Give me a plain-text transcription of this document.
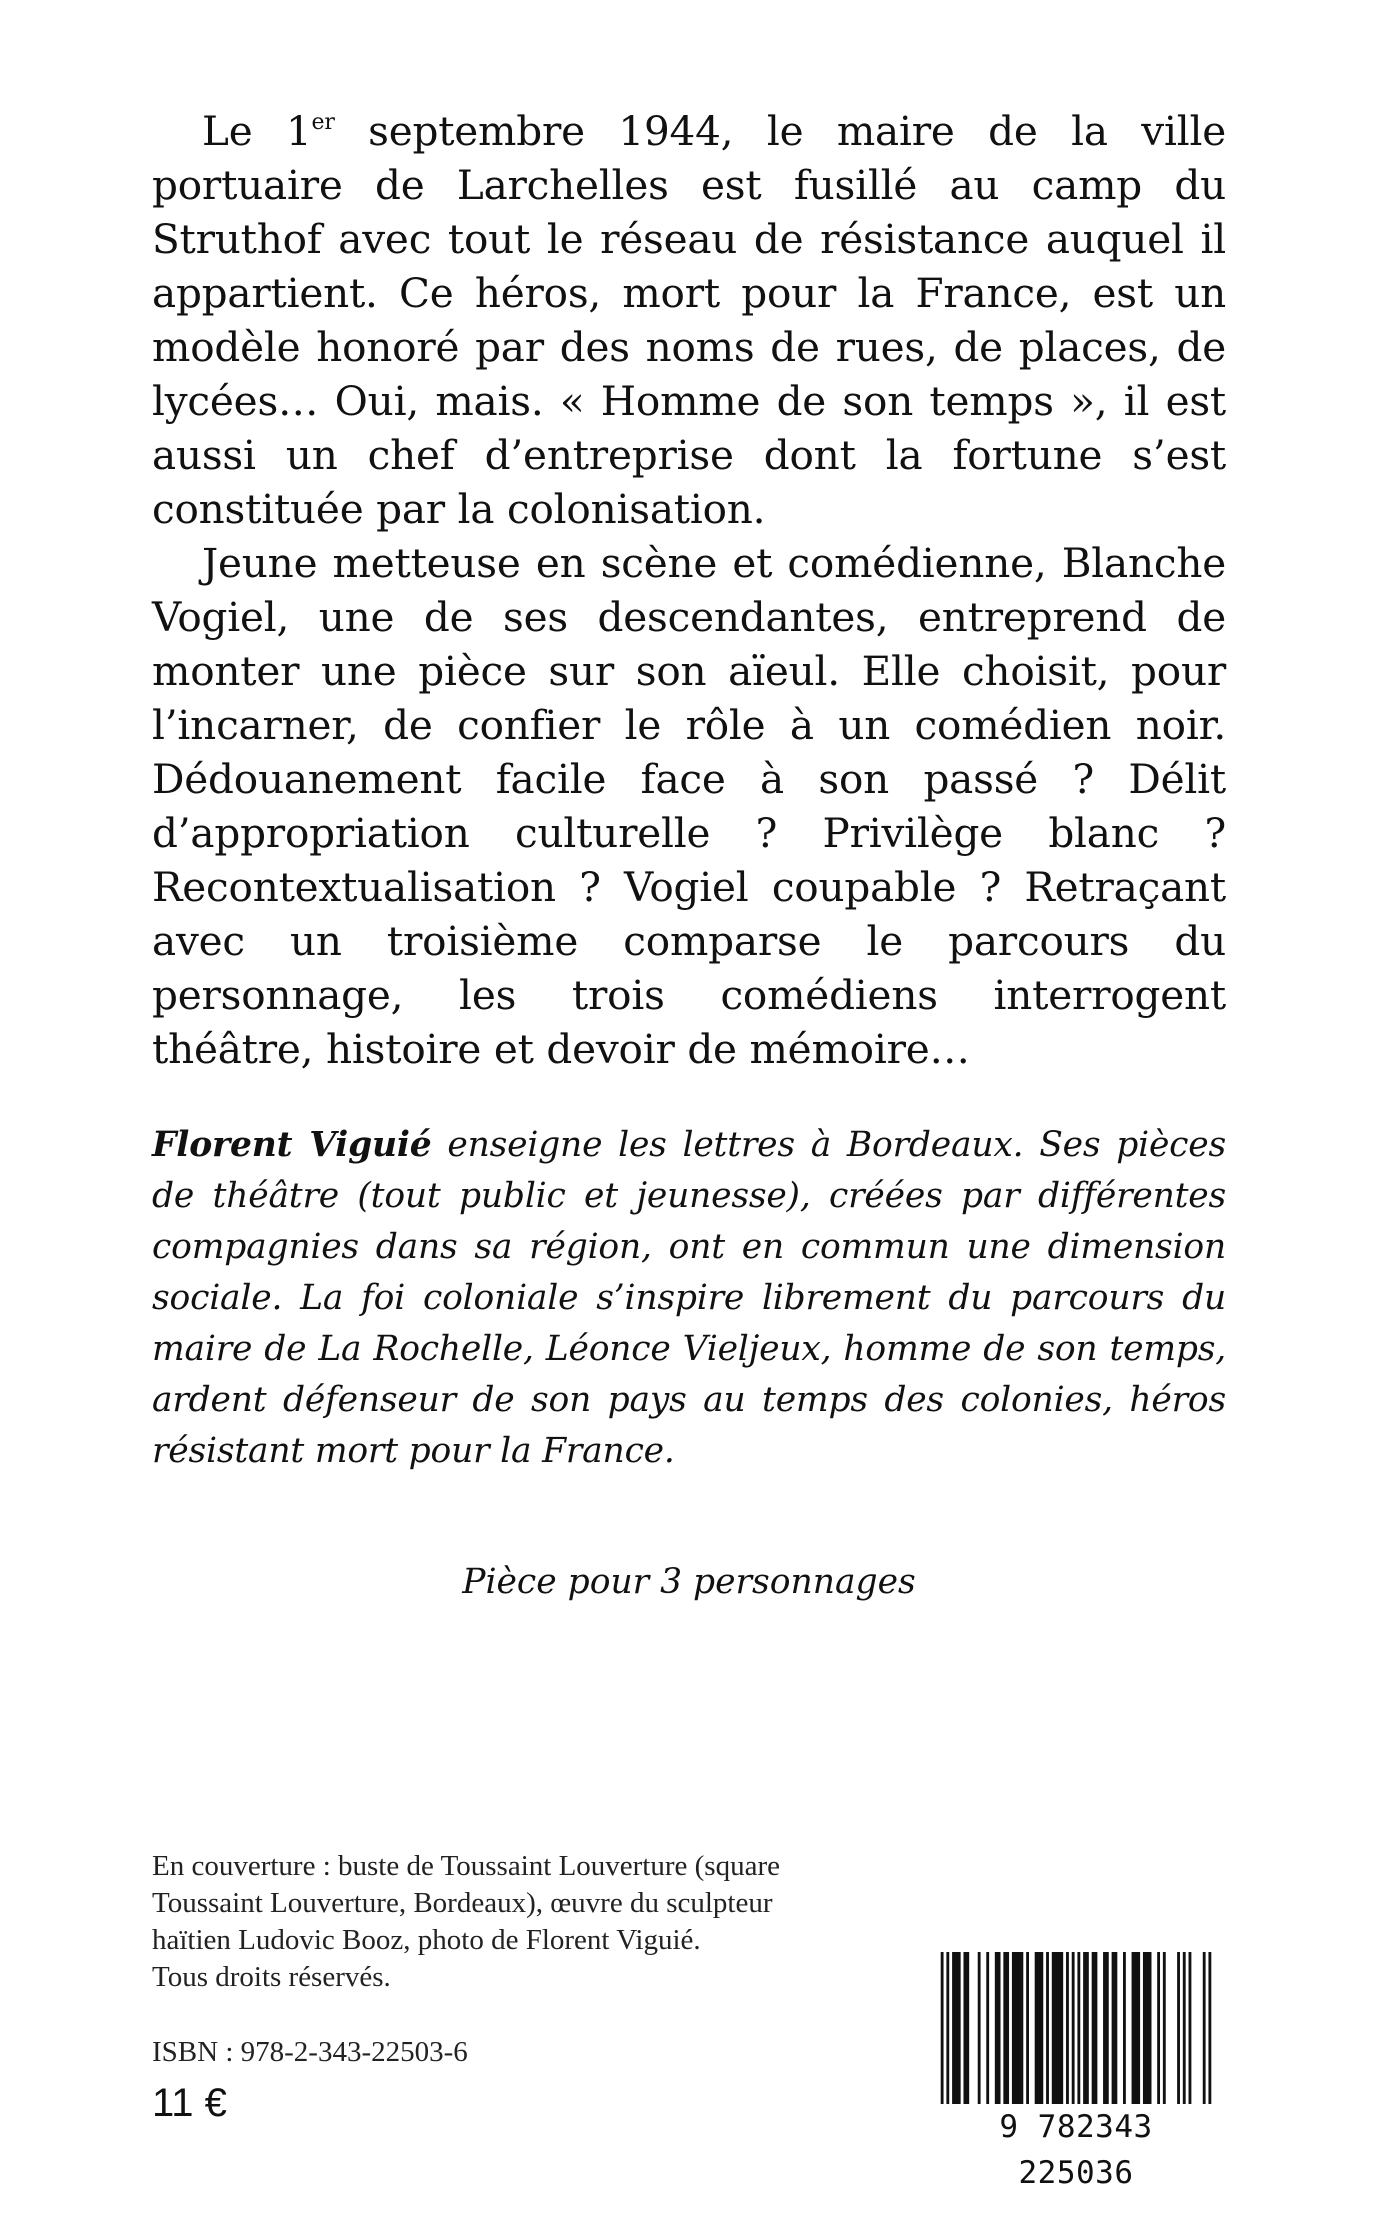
Le 1er septembre 1944, le maire de la ville portuaire de Larchelles est fusillé au camp du Struthof avec tout le réseau de résistance auquel il appartient. Ce héros, mort pour la France, est un modèle honoré par des noms de rues, de places, de lycées… Oui, mais. « Homme de son temps », il est aussi un chef d’entreprise dont la fortune s’est constituée par la colonisation.

Jeune metteuse en scène et comédienne, Blanche Vogiel, une de ses descendantes, entreprend de monter une pièce sur son aïeul. Elle choisit, pour l’incarner, de confier le rôle à un comédien noir. Dédouanement facile face à son passé ? Délit d’appropriation culturelle ? Privilège blanc ? Recontextualisation ? Vogiel coupable ? Retraçant avec un troisième comparse le parcours du personnage, les trois comédiens interrogent théâtre, histoire et devoir de mémoire…

Florent Viguié enseigne les lettres à Bordeaux. Ses pièces de théâtre (tout public et jeunesse), créées par différentes compagnies dans sa région, ont en commun une dimension sociale. La foi coloniale s’inspire librement du parcours du maire de La Rochelle, Léonce Vieljeux, homme de son temps, ardent défenseur de son pays au temps des colonies, héros résistant mort pour la France.

Pièce pour 3 personnages

En couverture : buste de Toussaint Louverture (square
Toussaint Louverture, Bordeaux), œuvre du sculpteur
haïtien Ludovic Booz, photo de Florent Viguié.
Tous droits réservés.

ISBN : 978-2-343-22503-6

11 €

9 782343 225036
